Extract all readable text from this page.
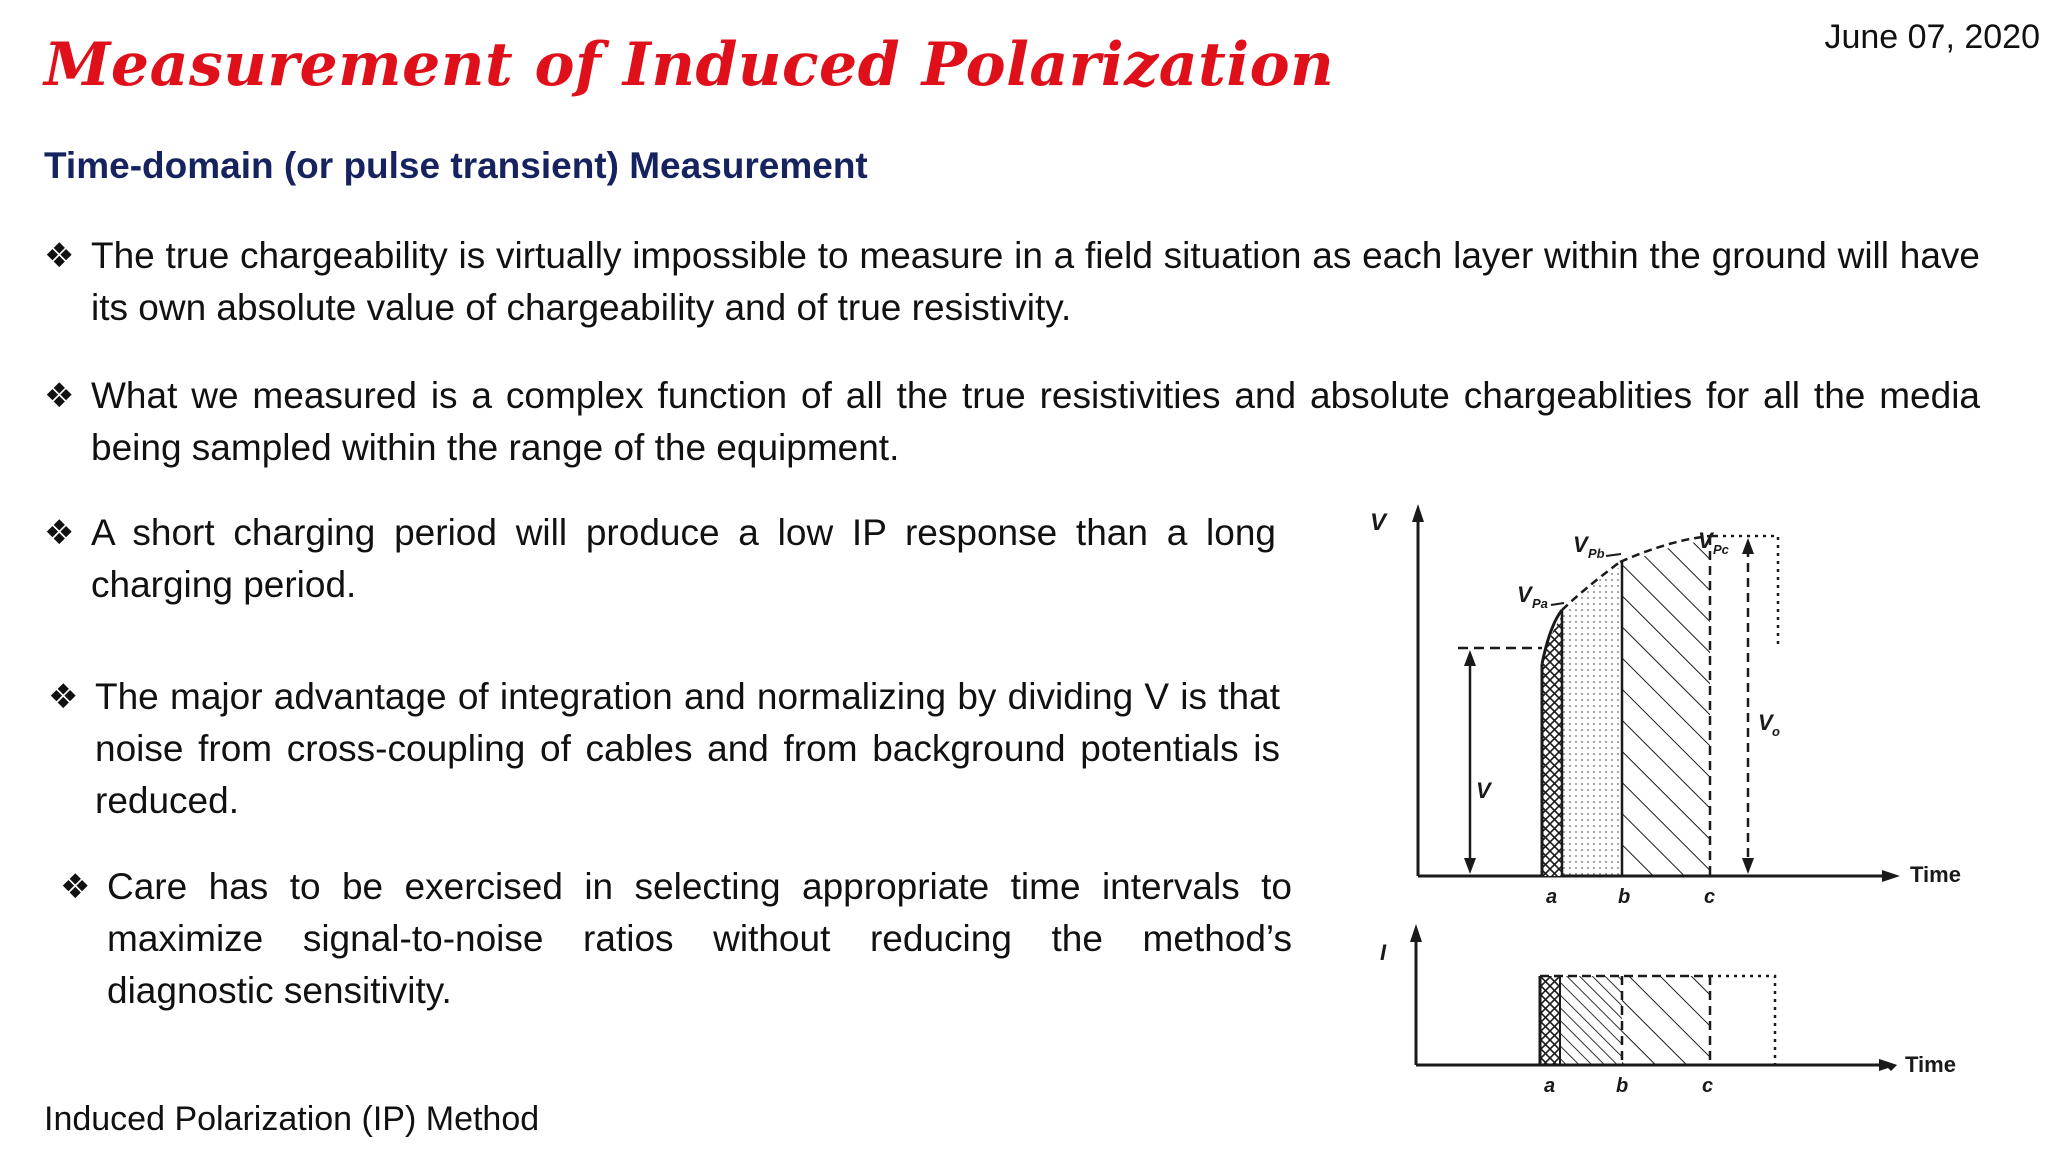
Measurement of Induced Polarization	June 07, 2020
Time-domain (or pulse transient) Measurement
❖ The true chargeability is virtually impossible to measure in a field situation as each layer within the ground will have its own absolute value of chargeability and of true resistivity.
❖ What we measured is a complex function of all the true resistivities and absolute chargeablities for all the media being sampled within the range of the equipment.
❖ A short charging period will produce a low IP response than a long charging period.
❖ The major advantage of integration and normalizing by dividing V is that noise from cross-coupling of cables and from background potentials is reduced.
❖ Care has to be exercised in selecting appropriate time intervals to maximize signal-to-noise ratios without reducing the method’s diagnostic sensitivity.
Induced Polarization (IP) Method
V
Time
V Pa
V Pb
V Pc
V
V o
a	b	c
I
Time
a	b	c
